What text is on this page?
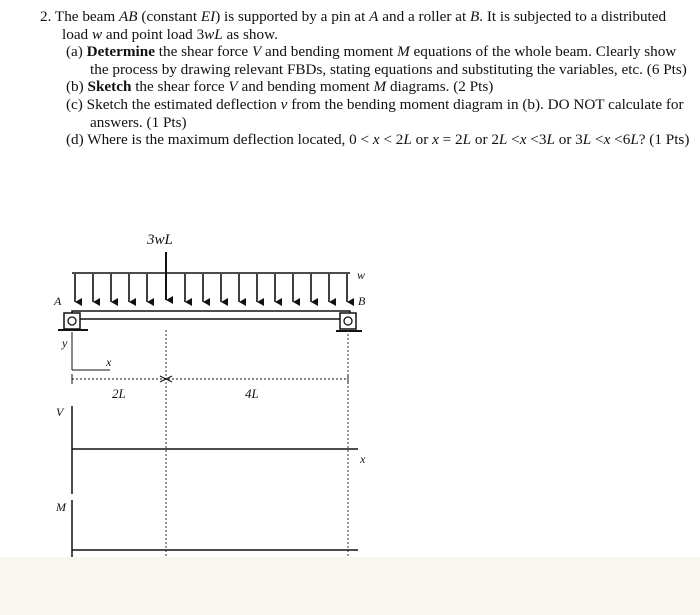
2. The beam AB (constant EI) is supported by a pin at A and a roller at B. It is subjected to a distributed load w and point load 3wL as show.
(a) Determine the shear force V and bending moment M equations of the whole beam. Clearly show the process by drawing relevant FBDs, stating equations and substituting the variables, etc. (6 Pts)
(b) Sketch the shear force V and bending moment M diagrams. (2 Pts)
(c) Sketch the estimated deflection v from the bending moment diagram in (b). DO NOT calculate for answers. (1 Pts)
(d) Where is the maximum deflection located, 0 < x < 2L or x = 2L or 2L <x <3L or 3L <x <6L? (1 Pts)
3wL
w
A	B
y
x
2L	4L
V
x
M
